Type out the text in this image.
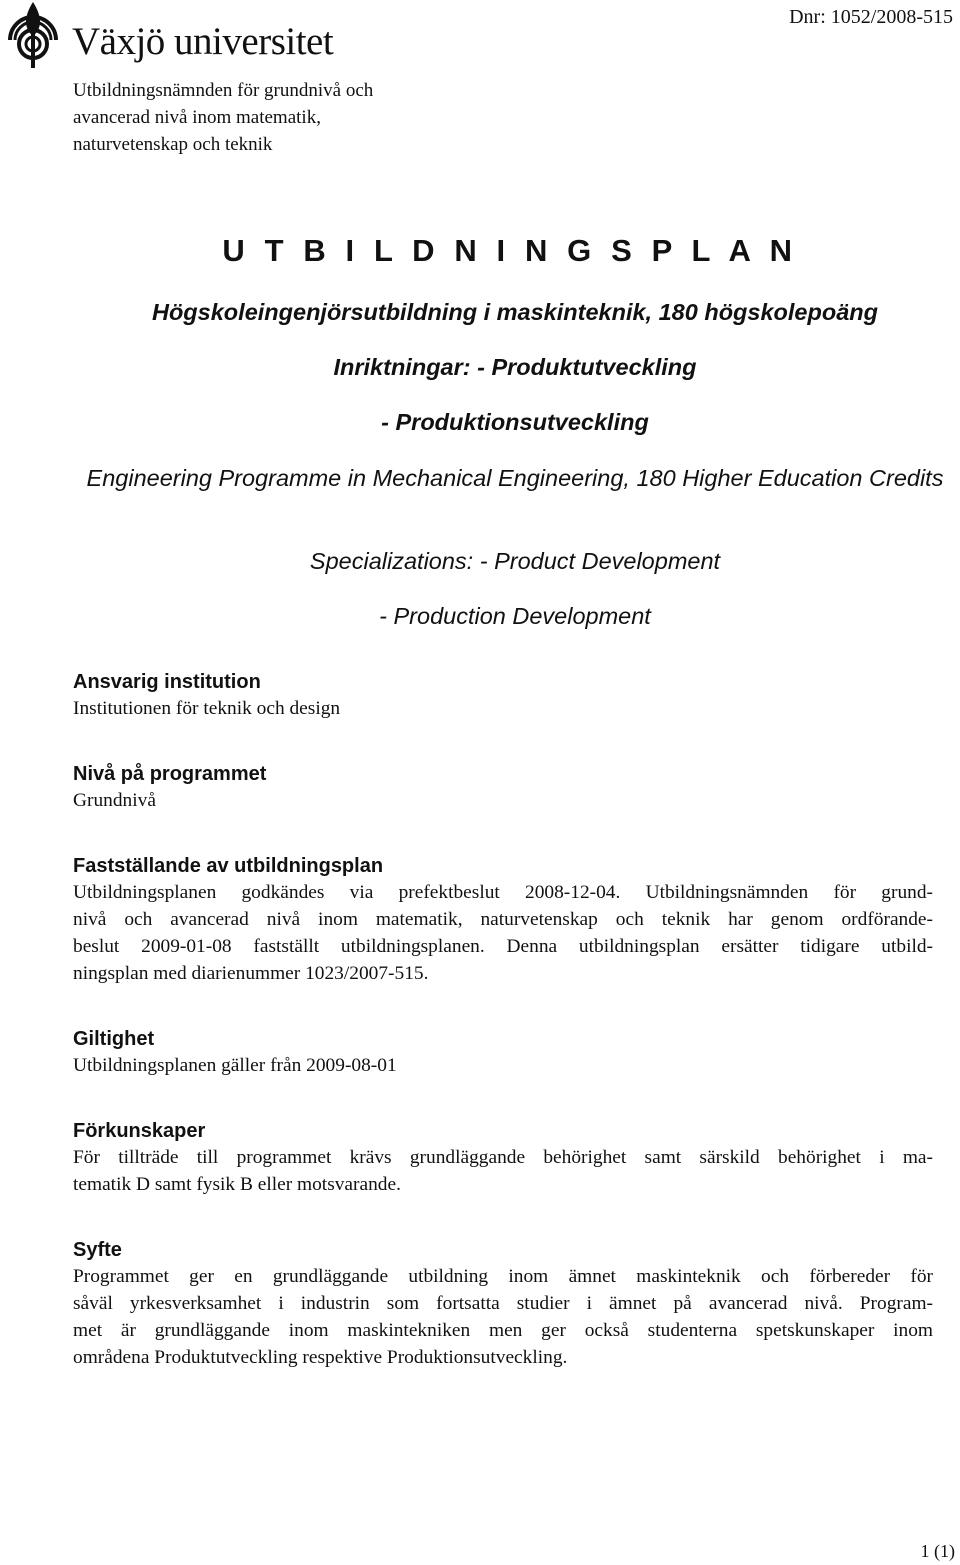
Växjö universitet
Utbildningsnämnden för grundnivå och
avancerad nivå inom matematik,
naturvetenskap och teknik
Dnr: 1052/2008-515
U T B I L D N I N G S P L A N
Högskoleingenjörsutbildning i maskinteknik, 180 högskolepoäng
Inriktningar: - Produktutveckling
- Produktionsutveckling
Engineering Programme in Mechanical Engineering, 180 Higher Education Credits
Specializations: - Product Development
- Production Development
Ansvarig institution
Institutionen för teknik och design
Nivå på programmet
Grundnivå
Fastställande av utbildningsplan
Utbildningsplanen godkändes via prefektbeslut 2008-12-04. Utbildningsnämnden för grund-
nivå och avancerad nivå inom matematik, naturvetenskap och teknik har genom ordförande-
beslut 2009-01-08 fastställt utbildningsplanen. Denna utbildningsplan ersätter tidigare utbild-
ningsplan med diarienummer 1023/2007-515.
Giltighet
Utbildningsplanen gäller från 2009-08-01
Förkunskaper
För tillträde till programmet krävs grundläggande behörighet samt särskild behörighet i ma-
tematik D samt fysik B eller motsvarande.
Syfte
Programmet ger en grundläggande utbildning inom ämnet maskinteknik och förbereder för
såväl yrkesverksamhet i industrin som fortsatta studier i ämnet på avancerad nivå. Program-
met är grundläggande inom maskintekniken men ger också studenterna spetskunskaper inom
områdena Produktutveckling respektive Produktionsutveckling.
1 (1)
